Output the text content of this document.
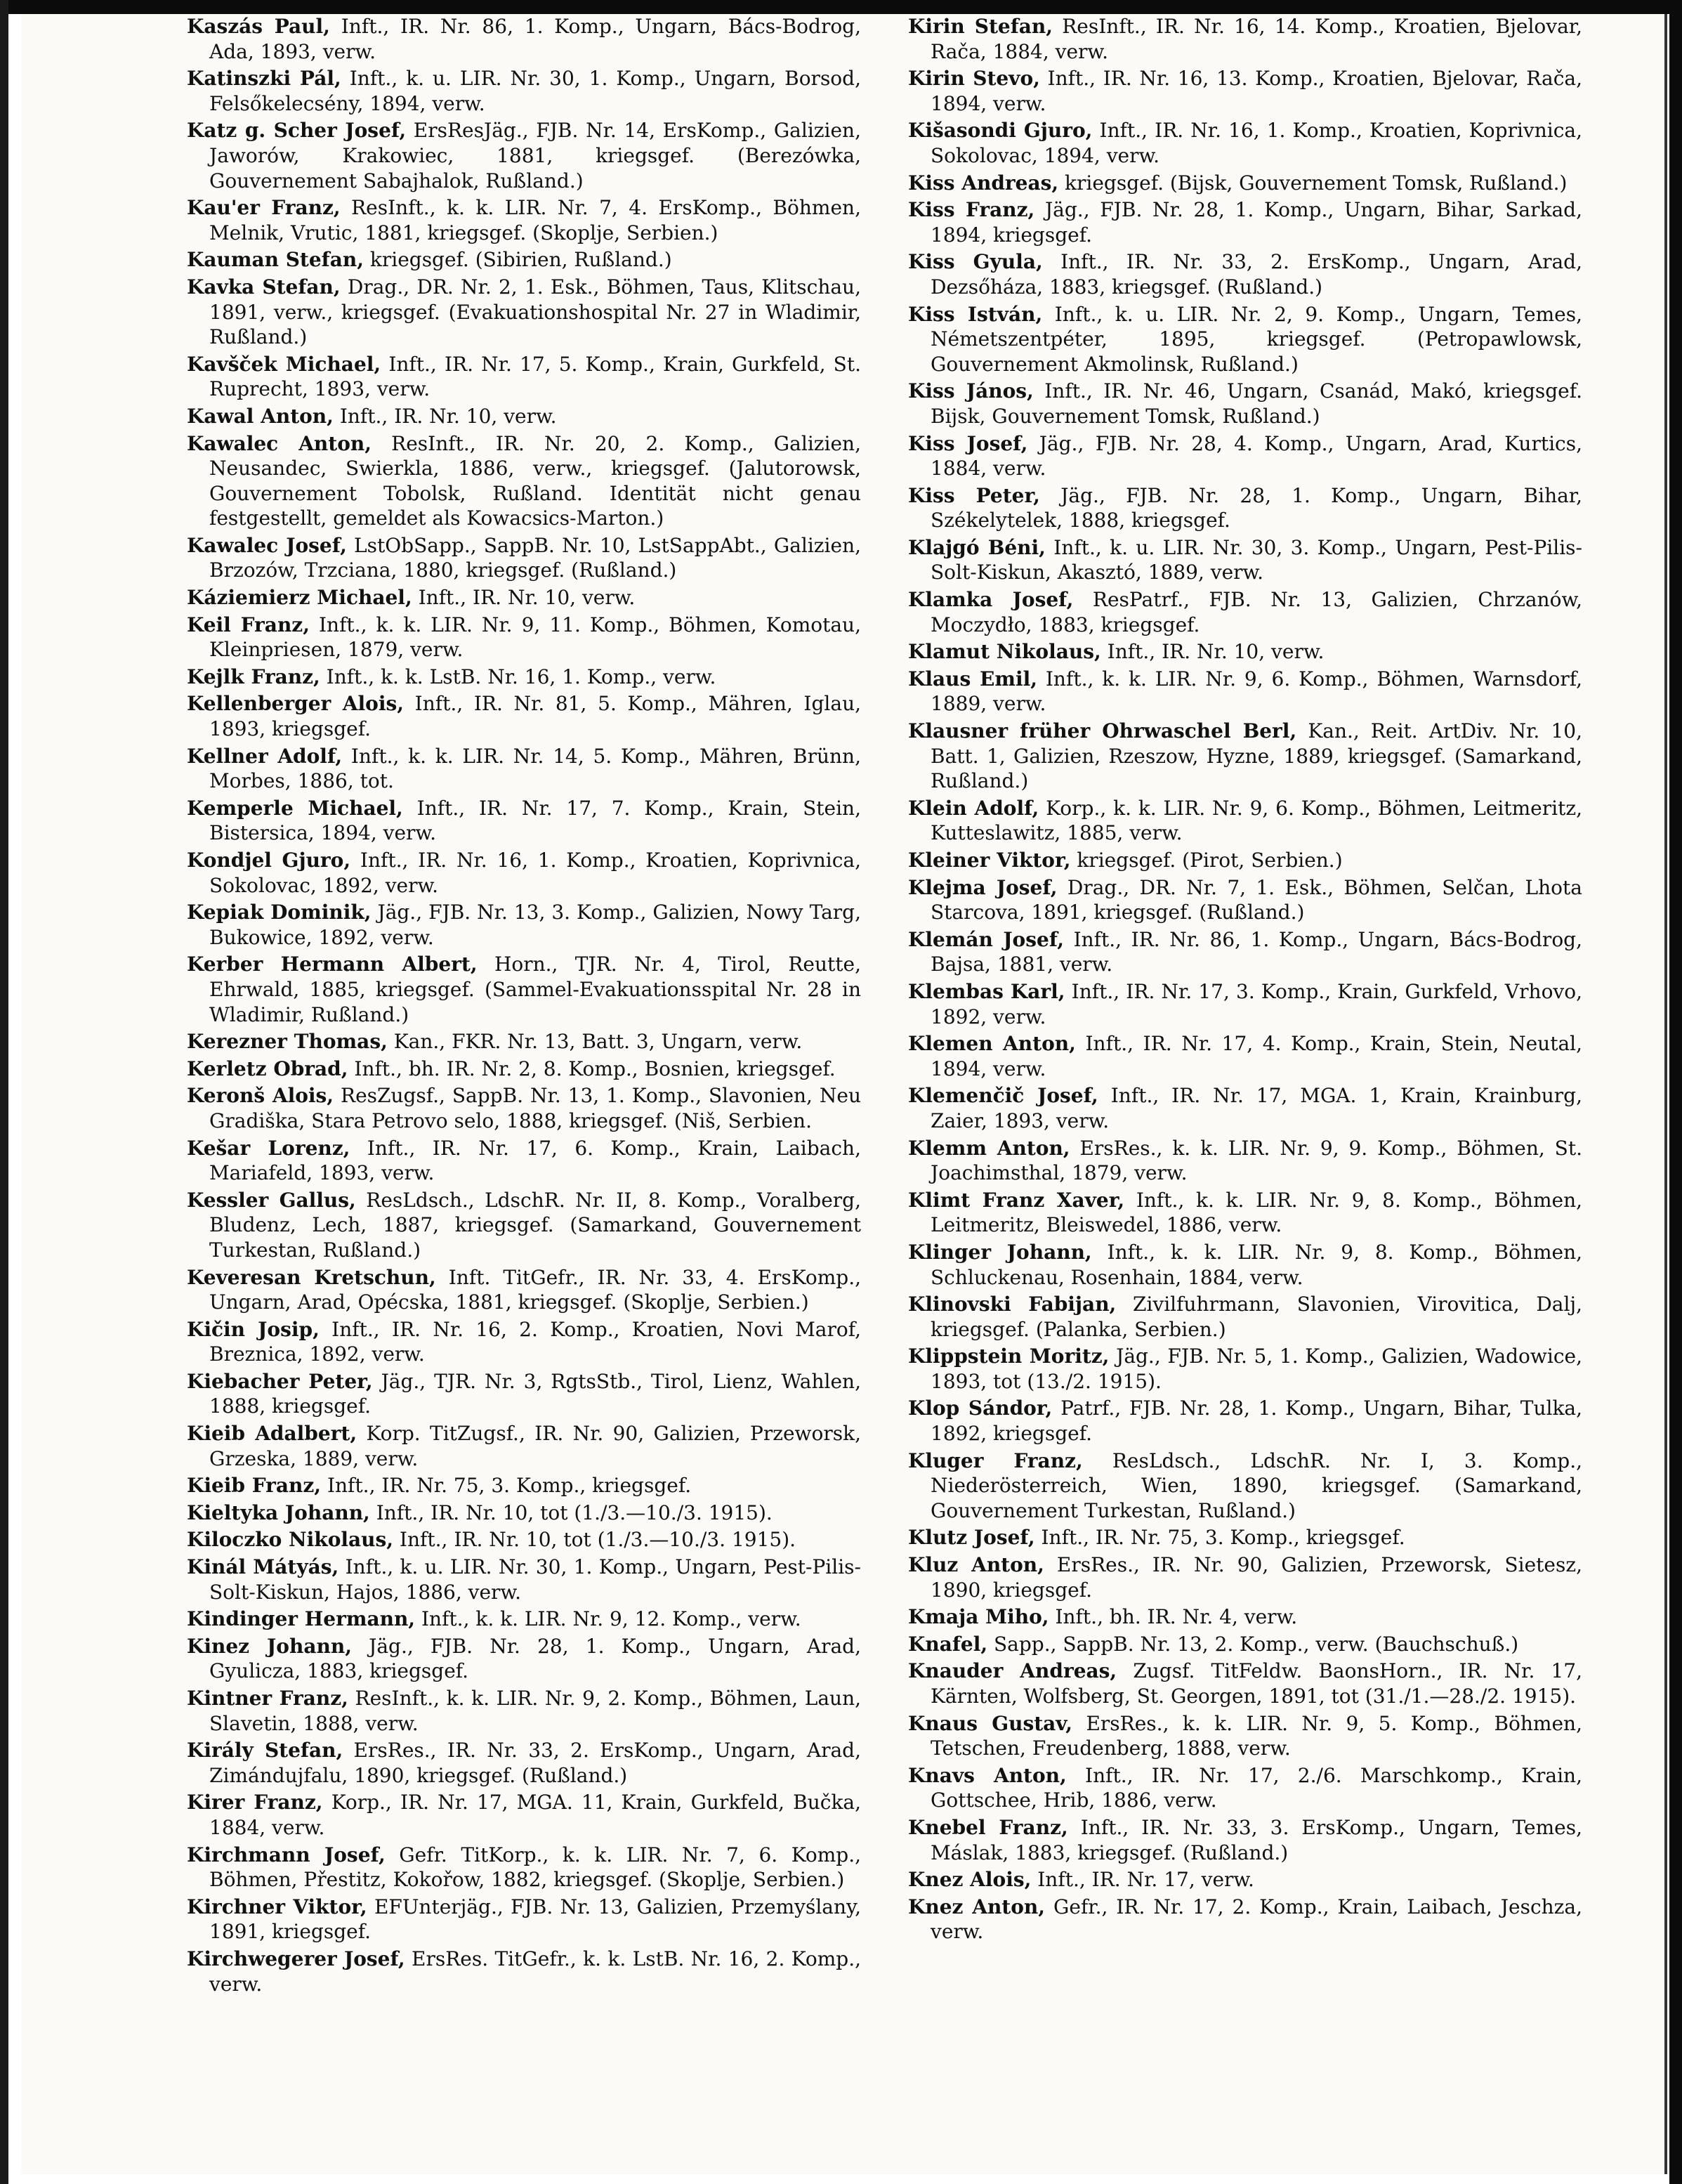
Kaszás Paul, Inft., IR. Nr. 86, 1. Komp., Ungarn, Bács-Bodrog, Ada, 1893, verw.

Katinszki Pál, Inft., k. u. LIR. Nr. 30, 1. Komp., Ungarn, Borsod, Felsőkelecsény, 1894, verw.

Katz g. Scher Josef, ErsResJäg., FJB. Nr. 14, ErsKomp., Galizien, Jaworów, Krakowiec, 1881, kriegsgef. (Berezówka, Gouvernement Sabajhalok, Rußland.)

Kau'er Franz, ResInft., k. k. LIR. Nr. 7, 4. ErsKomp., Böhmen, Melnik, Vrutic, 1881, kriegsgef. (Skoplje, Serbien.)

Kauman Stefan, kriegsgef. (Sibirien, Rußland.)

Kavka Stefan, Drag., DR. Nr. 2, 1. Esk., Böhmen, Taus, Klitschau, 1891, verw., kriegsgef. (Evakuationshospital Nr. 27 in Wladimir, Rußland.)

Kavšček Michael, Inft., IR. Nr. 17, 5. Komp., Krain, Gurkfeld, St. Ruprecht, 1893, verw.

Kawal Anton, Inft., IR. Nr. 10, verw.

Kawalec Anton, ResInft., IR. Nr. 20, 2. Komp., Galizien, Neusandec, Swierkla, 1886, verw., kriegsgef. (Jalutorowsk, Gouvernement Tobolsk, Rußland. Identität nicht genau festgestellt, gemeldet als Kowacsics-Marton.)

Kawalec Josef, LstObSapp., SappB. Nr. 10, LstSappAbt., Galizien, Brzozów, Trzciana, 1880, kriegsgef. (Rußland.)

Káziemierz Michael, Inft., IR. Nr. 10, verw.

Keil Franz, Inft., k. k. LIR. Nr. 9, 11. Komp., Böhmen, Komotau, Kleinpriesen, 1879, verw.

Kejlk Franz, Inft., k. k. LstB. Nr. 16, 1. Komp., verw.

Kellenberger Alois, Inft., IR. Nr. 81, 5. Komp., Mähren, Iglau, 1893, kriegsgef.

Kellner Adolf, Inft., k. k. LIR. Nr. 14, 5. Komp., Mähren, Brünn, Morbes, 1886, tot.

Kemperle Michael, Inft., IR. Nr. 17, 7. Komp., Krain, Stein, Bistersica, 1894, verw.

Kondjel Gjuro, Inft., IR. Nr. 16, 1. Komp., Kroatien, Koprivnica, Sokolovac, 1892, verw.

Kepiak Dominik, Jäg., FJB. Nr. 13, 3. Komp., Galizien, Nowy Targ, Bukowice, 1892, verw.

Kerber Hermann Albert, Horn., TJR. Nr. 4, Tirol, Reutte, Ehrwald, 1885, kriegsgef. (Sammel-Evakuationsspital Nr. 28 in Wladimir, Rußland.)

Kerezner Thomas, Kan., FKR. Nr. 13, Batt. 3, Ungarn, verw.

Kerletz Obrad, Inft., bh. IR. Nr. 2, 8. Komp., Bosnien, kriegsgef.

Keronš Alois, ResZugsf., SappB. Nr. 13, 1. Komp., Slavonien, Neu Gradiška, Stara Petrovo selo, 1888, kriegsgef. (Niš, Serbien.

Kešar Lorenz, Inft., IR. Nr. 17, 6. Komp., Krain, Laibach, Mariafeld, 1893, verw.

Kessler Gallus, ResLdsch., LdschR. Nr. II, 8. Komp., Voralberg, Bludenz, Lech, 1887, kriegsgef. (Samarkand, Gouvernement Turkestan, Rußland.)

Keveresan Kretschun, Inft. TitGefr., IR. Nr. 33, 4. ErsKomp., Ungarn, Arad, Opécska, 1881, kriegsgef. (Skoplje, Serbien.)

Kičin Josip, Inft., IR. Nr. 16, 2. Komp., Kroatien, Novi Marof, Breznica, 1892, verw.

Kiebacher Peter, Jäg., TJR. Nr. 3, RgtsStb., Tirol, Lienz, Wahlen, 1888, kriegsgef.

Kieib Adalbert, Korp. TitZugsf., IR. Nr. 90, Galizien, Przeworsk, Grzeska, 1889, verw.

Kieib Franz, Inft., IR. Nr. 75, 3. Komp., kriegsgef.

Kieltyka Johann, Inft., IR. Nr. 10, tot (1./3.—10./3. 1915).

Kiloczko Nikolaus, Inft., IR. Nr. 10, tot (1./3.—10./3. 1915).

Kinál Mátyás, Inft., k. u. LIR. Nr. 30, 1. Komp., Ungarn, Pest-Pilis-Solt-Kiskun, Hajos, 1886, verw.

Kindinger Hermann, Inft., k. k. LIR. Nr. 9, 12. Komp., verw.

Kinez Johann, Jäg., FJB. Nr. 28, 1. Komp., Ungarn, Arad, Gyulicza, 1883, kriegsgef.

Kintner Franz, ResInft., k. k. LIR. Nr. 9, 2. Komp., Böhmen, Laun, Slavetin, 1888, verw.

Király Stefan, ErsRes., IR. Nr. 33, 2. ErsKomp., Ungarn, Arad, Zimándujfalu, 1890, kriegsgef. (Rußland.)

Kirer Franz, Korp., IR. Nr. 17, MGA. 11, Krain, Gurkfeld, Bučka, 1884, verw.

Kirchmann Josef, Gefr. TitKorp., k. k. LIR. Nr. 7, 6. Komp., Böhmen, Přestitz, Kokořow, 1882, kriegsgef. (Skoplje, Serbien.)

Kirchner Viktor, EFUnterjäg., FJB. Nr. 13, Galizien, Przemyślany, 1891, kriegsgef.

Kirchwegerer Josef, ErsRes. TitGefr., k. k. LstB. Nr. 16, 2. Komp., verw.

Kirin Stefan, ResInft., IR. Nr. 16, 14. Komp., Kroatien, Bjelovar, Rača, 1884, verw.

Kirin Stevo, Inft., IR. Nr. 16, 13. Komp., Kroatien, Bjelovar, Rača, 1894, verw.

Kišasondi Gjuro, Inft., IR. Nr. 16, 1. Komp., Kroatien, Koprivnica, Sokolovac, 1894, verw.

Kiss Andreas, kriegsgef. (Bijsk, Gouvernement Tomsk, Rußland.)

Kiss Franz, Jäg., FJB. Nr. 28, 1. Komp., Ungarn, Bihar, Sarkad, 1894, kriegsgef.

Kiss Gyula, Inft., IR. Nr. 33, 2. ErsKomp., Ungarn, Arad, Dezsőháza, 1883, kriegsgef. (Rußland.)

Kiss István, Inft., k. u. LIR. Nr. 2, 9. Komp., Ungarn, Temes, Németszentpéter, 1895, kriegsgef. (Petropawlowsk, Gouvernement Akmolinsk, Rußland.)

Kiss János, Inft., IR. Nr. 46, Ungarn, Csanád, Makó, kriegsgef. Bijsk, Gouvernement Tomsk, Rußland.)

Kiss Josef, Jäg., FJB. Nr. 28, 4. Komp., Ungarn, Arad, Kurtics, 1884, verw.

Kiss Peter, Jäg., FJB. Nr. 28, 1. Komp., Ungarn, Bihar, Székelytelek, 1888, kriegsgef.

Klajgó Béni, Inft., k. u. LIR. Nr. 30, 3. Komp., Ungarn, Pest-Pilis-Solt-Kiskun, Akasztó, 1889, verw.

Klamka Josef, ResPatrf., FJB. Nr. 13, Galizien, Chrzanów, Moczydło, 1883, kriegsgef.

Klamut Nikolaus, Inft., IR. Nr. 10, verw.

Klaus Emil, Inft., k. k. LIR. Nr. 9, 6. Komp., Böhmen, Warnsdorf, 1889, verw.

Klausner früher Ohrwaschel Berl, Kan., Reit. ArtDiv. Nr. 10, Batt. 1, Galizien, Rzeszow, Hyzne, 1889, kriegsgef. (Samarkand, Rußland.)

Klein Adolf, Korp., k. k. LIR. Nr. 9, 6. Komp., Böhmen, Leitmeritz, Kutteslawitz, 1885, verw.

Kleiner Viktor, kriegsgef. (Pirot, Serbien.)

Klejma Josef, Drag., DR. Nr. 7, 1. Esk., Böhmen, Selčan, Lhota Starcova, 1891, kriegsgef. (Rußland.)

Klemán Josef, Inft., IR. Nr. 86, 1. Komp., Ungarn, Bács-Bodrog, Bajsa, 1881, verw.

Klembas Karl, Inft., IR. Nr. 17, 3. Komp., Krain, Gurkfeld, Vrhovo, 1892, verw.

Klemen Anton, Inft., IR. Nr. 17, 4. Komp., Krain, Stein, Neutal, 1894, verw.

Klemenčič Josef, Inft., IR. Nr. 17, MGA. 1, Krain, Krainburg, Zaier, 1893, verw.

Klemm Anton, ErsRes., k. k. LIR. Nr. 9, 9. Komp., Böhmen, St. Joachimsthal, 1879, verw.

Klimt Franz Xaver, Inft., k. k. LIR. Nr. 9, 8. Komp., Böhmen, Leitmeritz, Bleiswedel, 1886, verw.

Klinger Johann, Inft., k. k. LIR. Nr. 9, 8. Komp., Böhmen, Schluckenau, Rosenhain, 1884, verw.

Klinovski Fabijan, Zivilfuhrmann, Slavonien, Virovitica, Dalj, kriegsgef. (Palanka, Serbien.)

Klippstein Moritz, Jäg., FJB. Nr. 5, 1. Komp., Galizien, Wadowice, 1893, tot (13./2. 1915).

Klop Sándor, Patrf., FJB. Nr. 28, 1. Komp., Ungarn, Bihar, Tulka, 1892, kriegsgef.

Kluger Franz, ResLdsch., LdschR. Nr. I, 3. Komp., Niederösterreich, Wien, 1890, kriegsgef. (Samarkand, Gouvernement Turkestan, Rußland.)

Klutz Josef, Inft., IR. Nr. 75, 3. Komp., kriegsgef.

Kluz Anton, ErsRes., IR. Nr. 90, Galizien, Przeworsk, Sietesz, 1890, kriegsgef.

Kmaja Miho, Inft., bh. IR. Nr. 4, verw.

Knafel, Sapp., SappB. Nr. 13, 2. Komp., verw. (Bauchschuß.)

Knauder Andreas, Zugsf. TitFeldw. BaonsHorn., IR. Nr. 17, Kärnten, Wolfsberg, St. Georgen, 1891, tot (31./1.—28./2. 1915).

Knaus Gustav, ErsRes., k. k. LIR. Nr. 9, 5. Komp., Böhmen, Tetschen, Freudenberg, 1888, verw.

Knavs Anton, Inft., IR. Nr. 17, 2./6. Marschkomp., Krain, Gottschee, Hrib, 1886, verw.

Knebel Franz, Inft., IR. Nr. 33, 3. ErsKomp., Ungarn, Temes, Máslak, 1883, kriegsgef. (Rußland.)

Knez Alois, Inft., IR. Nr. 17, verw.

Knez Anton, Gefr., IR. Nr. 17, 2. Komp., Krain, Laibach, Jeschza, verw.
